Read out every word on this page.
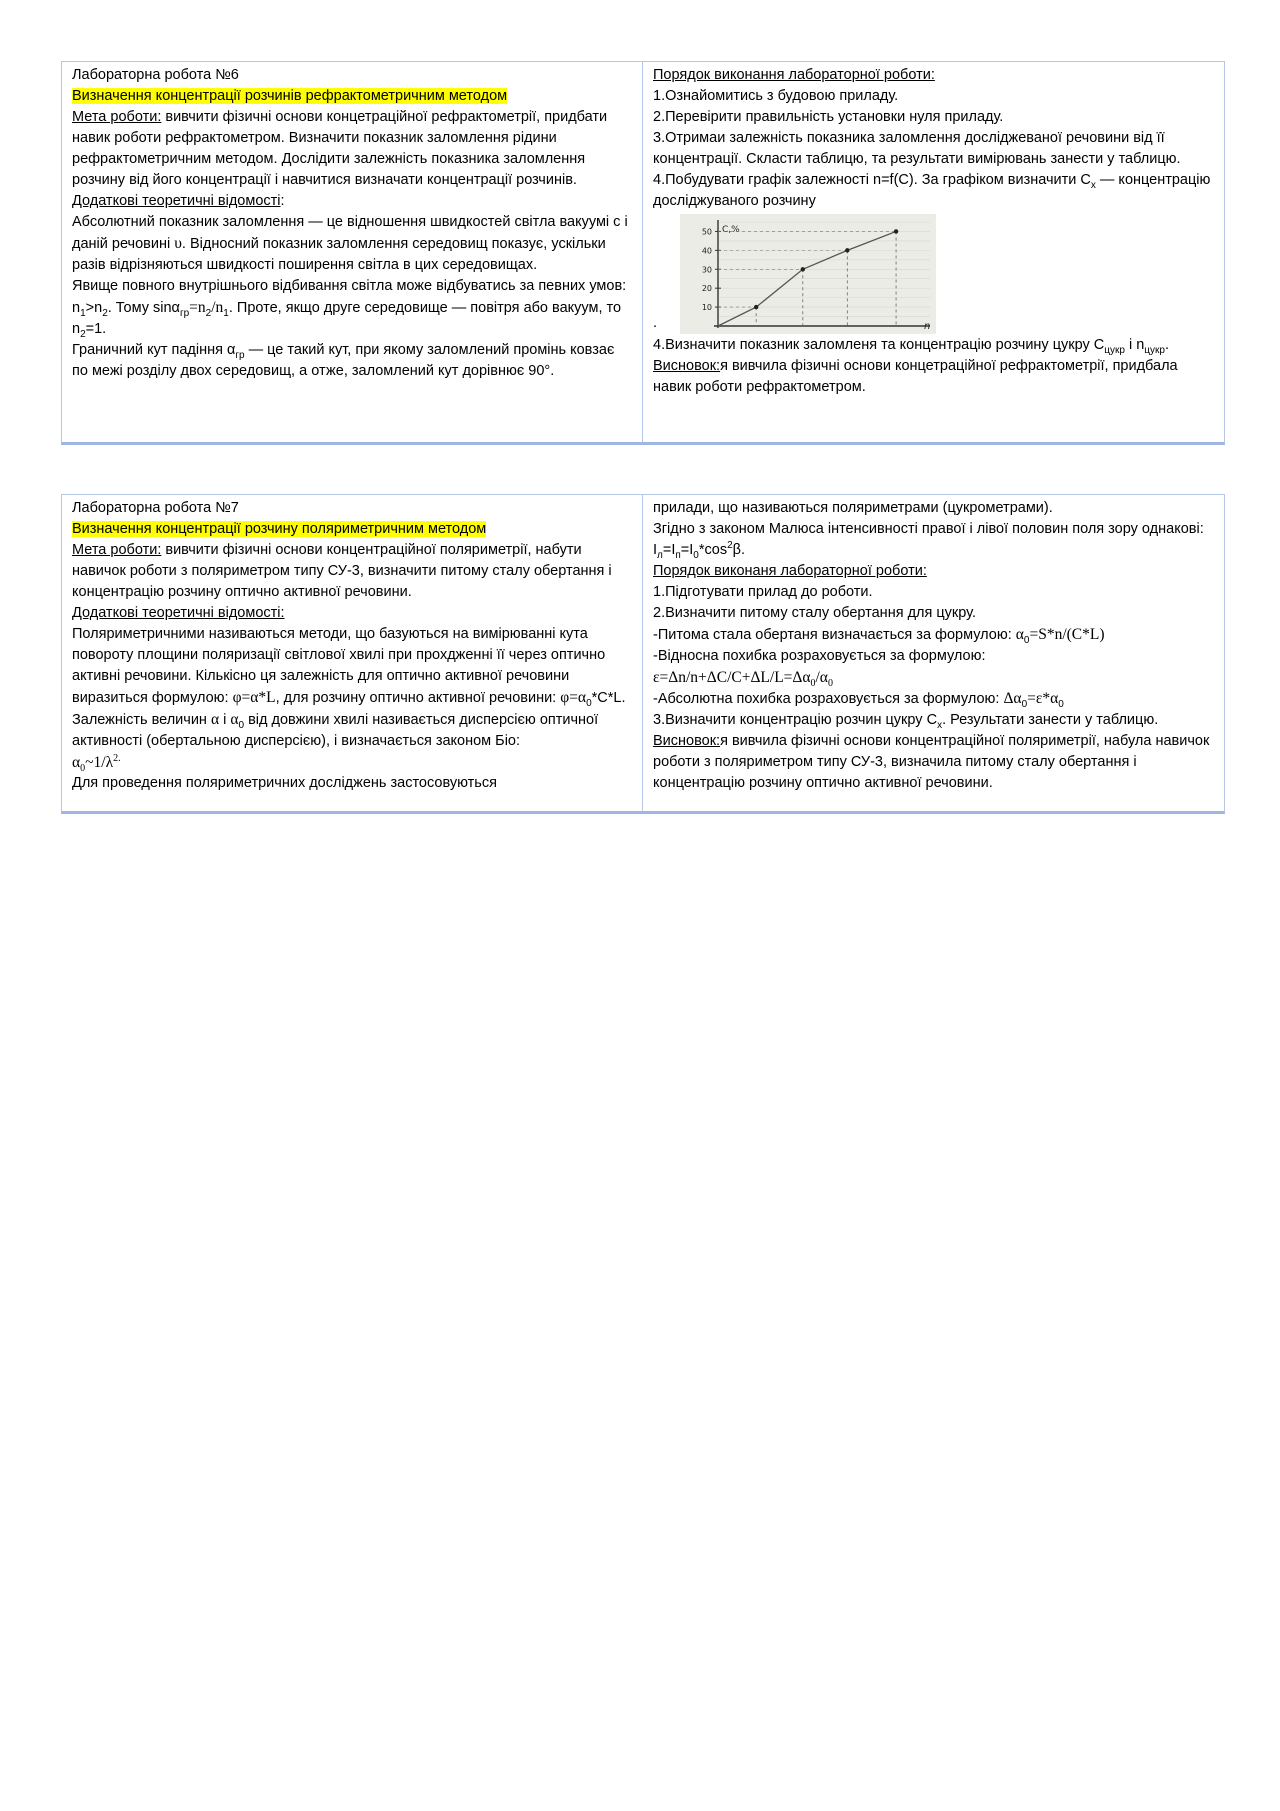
Лабораторна робота №6
Визначення концентрації розчинів рефрактометричним методом
Мета роботи: вивчити фізичні основи концетраційної рефрактометрії, придбати навик роботи рефрактометром. Визначити показник заломлення рідини рефрактометричним методом. Дослідити залежність показника заломлення розчину від його концентрації і навчитися визначати концентрації розчинів.
Додаткові теоретичні відомості:
Абсолютний показник заломлення — це відношення швидкостей світла вакуумі с і даній речовині υ. Відносний показник заломлення середовищ показує, ускільки разів відрізняються швидкості поширення світла в цих середовищах.
Явище повного внутрішнього відбивання світла може відбуватись за певних умов: $n_1>n_2$. Тому $\sin\alpha_{гр}=n_2/n_1$. Проте, якщо друге середовище — повітря або вакуум, то $n_2=1$.
Граничний кут падіння $\alpha_{гр}$ — це такий кут, при якому заломлений промінь ковзає по межі розділу двох середовищ, а отже, заломлений кут дорівнює 90°.
Порядок виконання лабораторної роботи:
1.Ознайомитись з будовою приладу.
2.Перевірити правильність установки нуля приладу.
3.Отримаи залежність показника заломлення досліджеваної речовини від її концентрації. Скласти таблицю, та результати вимірювань занести у таблицю.
4.Побудувати графік залежності n=f(C). За графіком визначити $C_x$ — концентрацію досліджуваного розчину
.
10
20
30
40
50 C,%
n
4.Визначити показник заломленя та концентрацію розчину цукру $C_{цукр}$ і $n_{цукр}$.
Висновок:я вивчила фізичні основи концетраційної рефрактометрії, придбала навик роботи рефрактометром.
Лабораторна робота №7
Визначення концентрації розчину поляриметричним методом
Мета роботи: вивчити фізичні основи концентраційної поляриметрії, набути навичок роботи з поляриметром типу СУ-3, визначити питому сталу обертання і концентрацію розчину оптично активної речовини.
Додаткові теоретичні відомості:
Поляриметричними називаються методи, що базуються на вимірюванні кута повороту площини поляризації світлової хвилі при прохдженні її через оптично активні речовини. Кількісно ця залежність для оптично активної речовини виразиться формулою: φ=α*L, для розчину оптично активної речовини: $\varphi=\alpha_0*C*L$.
Залежність величин α і $\alpha_0$ від довжини хвилі називається дисперсією оптичної активності (обертальною дисперсією), і визначається законом Біо:
$\alpha_0\sim 1/\lambda^{2.}$
Для проведення поляриметричних досліджень застосовуються
прилади, що називаються поляриметрами (цукрометрами).
Згідно з законом Малюса інтенсивності правої і лівої половин поля зору однакові: $I_л=I_п=I_0*\cos^2\beta$.
Порядок виконаня лабораторної роботи:
1.Підготувати прилад до роботи.
2.Визначити питому сталу обертання для цукру.
-Питома стала обертаня визначається за формулою: $\alpha_0=S*n/(C*L)$
-Відносна похибка розраховується за формулою:
$\varepsilon=\Delta n/n+\Delta C/C+\Delta L/L=\Delta\alpha_0/\alpha_0$
-Абсолютна похибка розраховується за формулою: $\Delta\alpha_0=\varepsilon*\alpha_0$
3.Визначити концентрацію розчин цукру $C_x$. Результати занести у таблицю.
Висновок:я вивчила фізичні основи концентраційної поляриметрії, набула навичок роботи з поляриметром типу СУ-3, визначила питому сталу обертання і концентрацію розчину оптично активної речовини.
